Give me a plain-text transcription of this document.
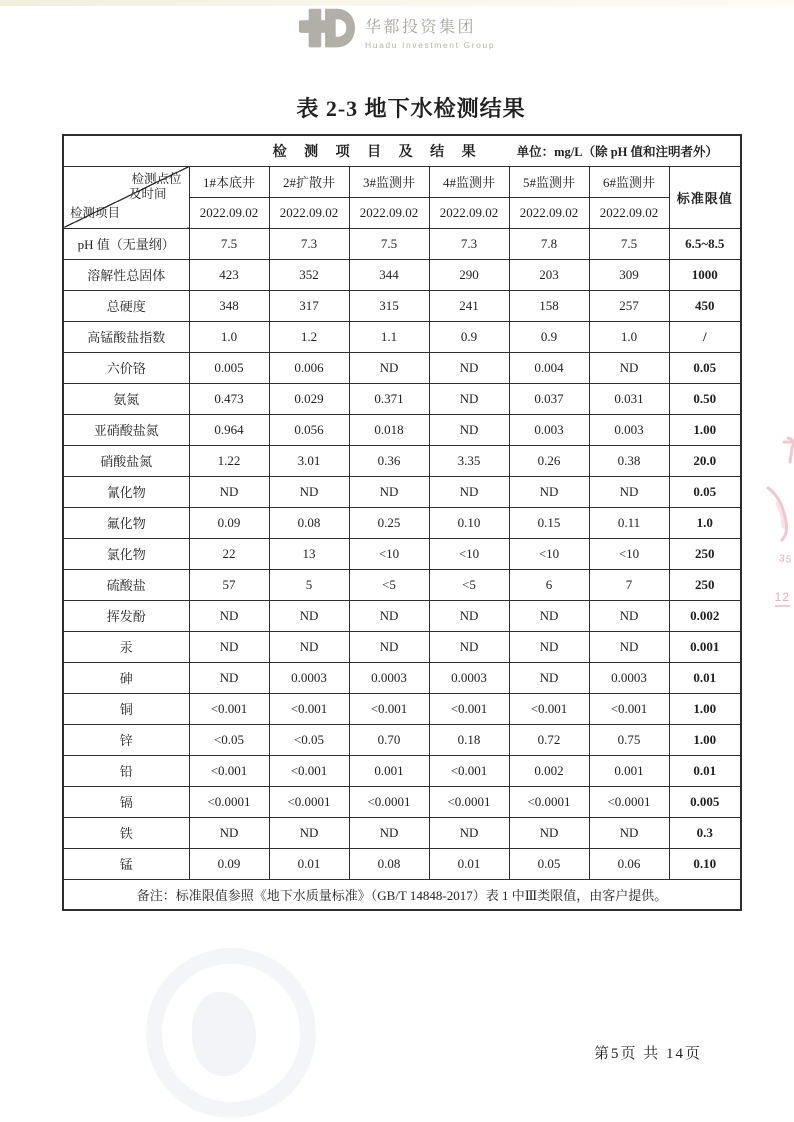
华都投资集团
Huadu Investment Group
表 2-3 地下水检测结果
检 测 项 目 及 结 果 单位：mg/L（除 pH 值和注明者外）							

检测点位
及时间
检测项目	1#本底井	2#扩散井	3#监测井	4#监测井	5#监测井	6#监测井	标准限值
	2022.09.02	2022.09.02	2022.09.02	2022.09.02	2022.09.02	2022.09.02	
pH 值（无量纲）	7.5	7.3	7.5	7.3	7.8	7.5	6.5~8.5
溶解性总固体	423	352	344	290	203	309	1000
总硬度	348	317	315	241	158	257	450
高锰酸盐指数	1.0	1.2	1.1	0.9	0.9	1.0	/
六价铬	0.005	0.006	ND	ND	0.004	ND	0.05
氨氮	0.473	0.029	0.371	ND	0.037	0.031	0.50
亚硝酸盐氮	0.964	0.056	0.018	ND	0.003	0.003	1.00
硝酸盐氮	1.22	3.01	0.36	3.35	0.26	0.38	20.0
氰化物	ND	ND	ND	ND	ND	ND	0.05
氟化物	0.09	0.08	0.25	0.10	0.15	0.11	1.0
氯化物	22	13	<10	<10	<10	<10	250
硫酸盐	57	5	<5	<5	6	7	250
挥发酚	ND	ND	ND	ND	ND	ND	0.002
汞	ND	ND	ND	ND	ND	ND	0.001
砷	ND	0.0003	0.0003	0.0003	ND	0.0003	0.01
铜	<0.001	<0.001	<0.001	<0.001	<0.001	<0.001	1.00
锌	<0.05	<0.05	0.70	0.18	0.72	0.75	1.00
铅	<0.001	<0.001	0.001	<0.001	0.002	0.001	0.01
镉	<0.0001	<0.0001	<0.0001	<0.0001	<0.0001	<0.0001	0.005
铁	ND	ND	ND	ND	ND	ND	0.3
锰	0.09	0.01	0.08	0.01	0.05	0.06	0.10
备注：标准限值参照《地下水质量标准》（GB/T 14848-2017）表 1 中Ⅲ类限值，由客户提供。							
35
12
第5页 共 14页
